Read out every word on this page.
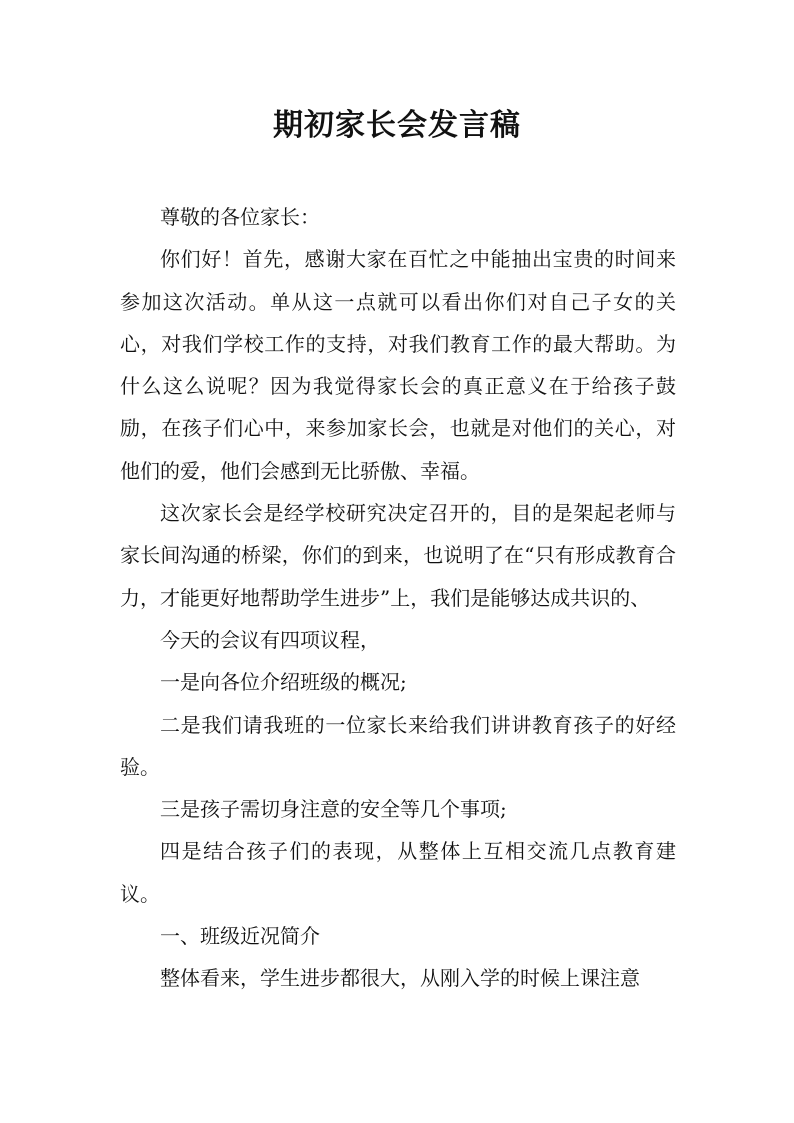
期初家长会发言稿

尊敬的各位家长：

你们好！首先，感谢大家在百忙之中能抽出宝贵的时间来参加这次活动。单从这一点就可以看出你们对自己子女的关心，对我们学校工作的支持，对我们教育工作的最大帮助。为什么这么说呢？因为我觉得家长会的真正意义在于给孩子鼓励，在孩子们心中，来参加家长会，也就是对他们的关心，对他们的爱，他们会感到无比骄傲、幸福。

这次家长会是经学校研究决定召开的，目的是架起老师与家长间沟通的桥梁，你们的到来，也说明了在“只有形成教育合力，才能更好地帮助学生进步”上，我们是能够达成共识的、

今天的会议有四项议程，

一是向各位介绍班级的概况;

二是我们请我班的一位家长来给我们讲讲教育孩子的好经验。

三是孩子需切身注意的安全等几个事项;

四是结合孩子们的表现，从整体上互相交流几点教育建议。

一、班级近况简介

整体看来，学生进步都很大，从刚入学的时候上课注意
